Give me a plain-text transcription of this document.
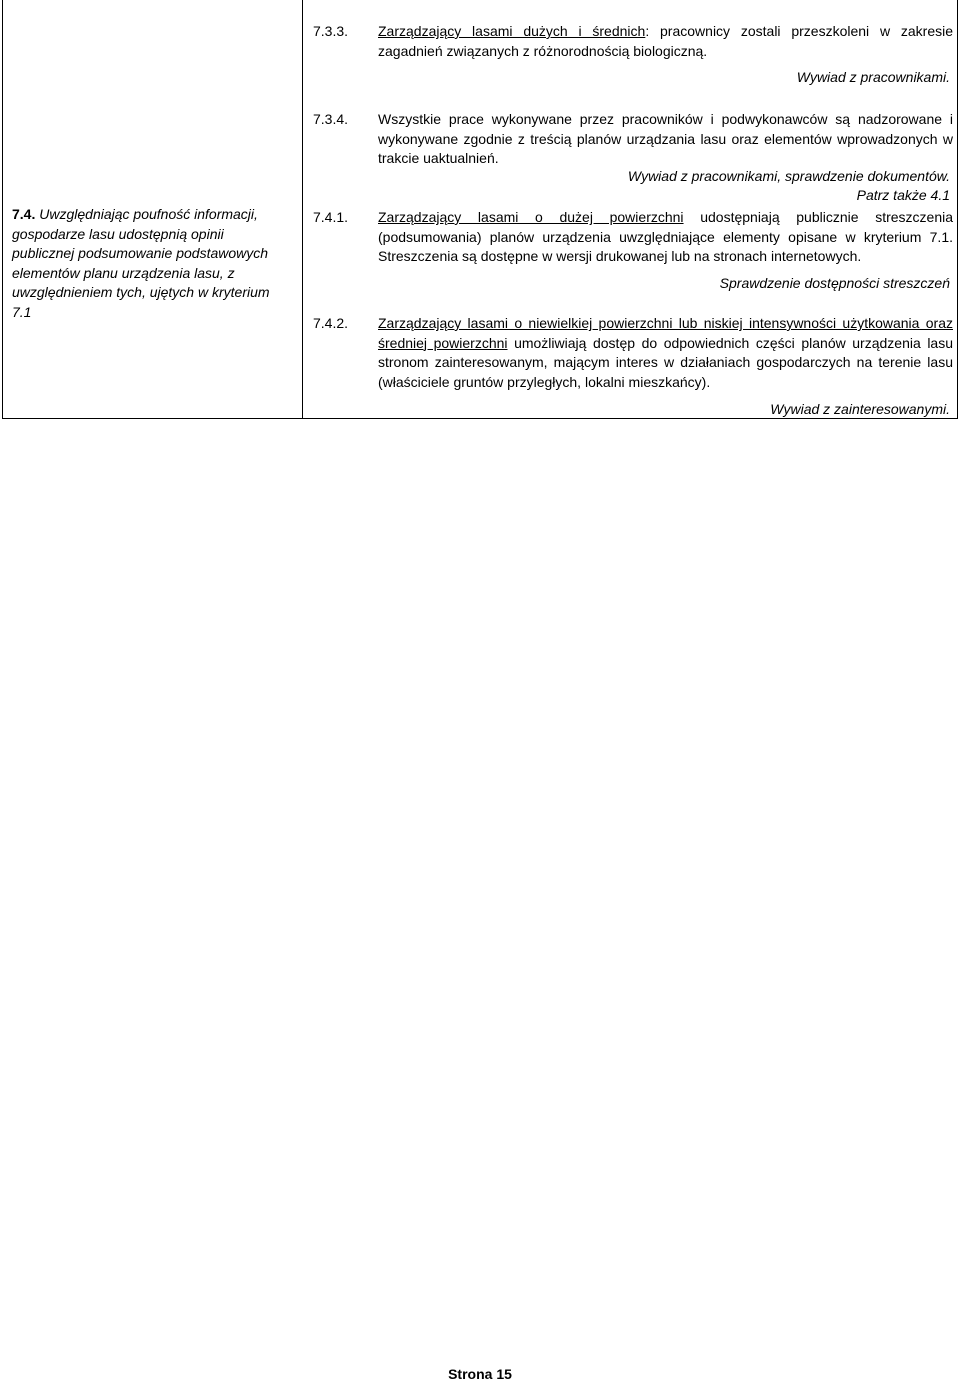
7.4. Uwzględniając poufność informacji, gospodarze lasu udostępnią opinii publicznej podsumowanie podstawowych elementów planu urządzenia lasu, z uwzględnieniem tych, ujętych w kryterium 7.1
7.3.3.	Zarządzający lasami dużych i średnich: pracownicy zostali przeszkoleni w zakresie zagadnień związanych z różnorodnością biologiczną.
Wywiad z pracownikami.
7.3.4.	Wszystkie prace wykonywane przez pracowników i podwykonawców są nadzorowane i wykonywane zgodnie z treścią planów urządzania lasu oraz elementów wprowadzonych w trakcie uaktualnień.
Wywiad z pracownikami, sprawdzenie dokumentów.
Patrz także 4.1
7.4.1.	Zarządzający lasami o dużej powierzchni udostępniają publicznie streszczenia (podsumowania) planów urządzenia uwzględniające elementy opisane w kryterium 7.1. Streszczenia są dostępne w wersji drukowanej lub na stronach internetowych.
Sprawdzenie dostępności streszczeń
7.4.2.	Zarządzający lasami o niewielkiej powierzchni lub niskiej intensywności użytkowania oraz średniej powierzchni umożliwiają dostęp do odpowiednich części planów urządzenia lasu stronom zainteresowanym, mającym interes w działaniach gospodarczych na terenie lasu (właściciele gruntów przyległych, lokalni mieszkańcy).
Wywiad z zainteresowanymi.
Strona 15
